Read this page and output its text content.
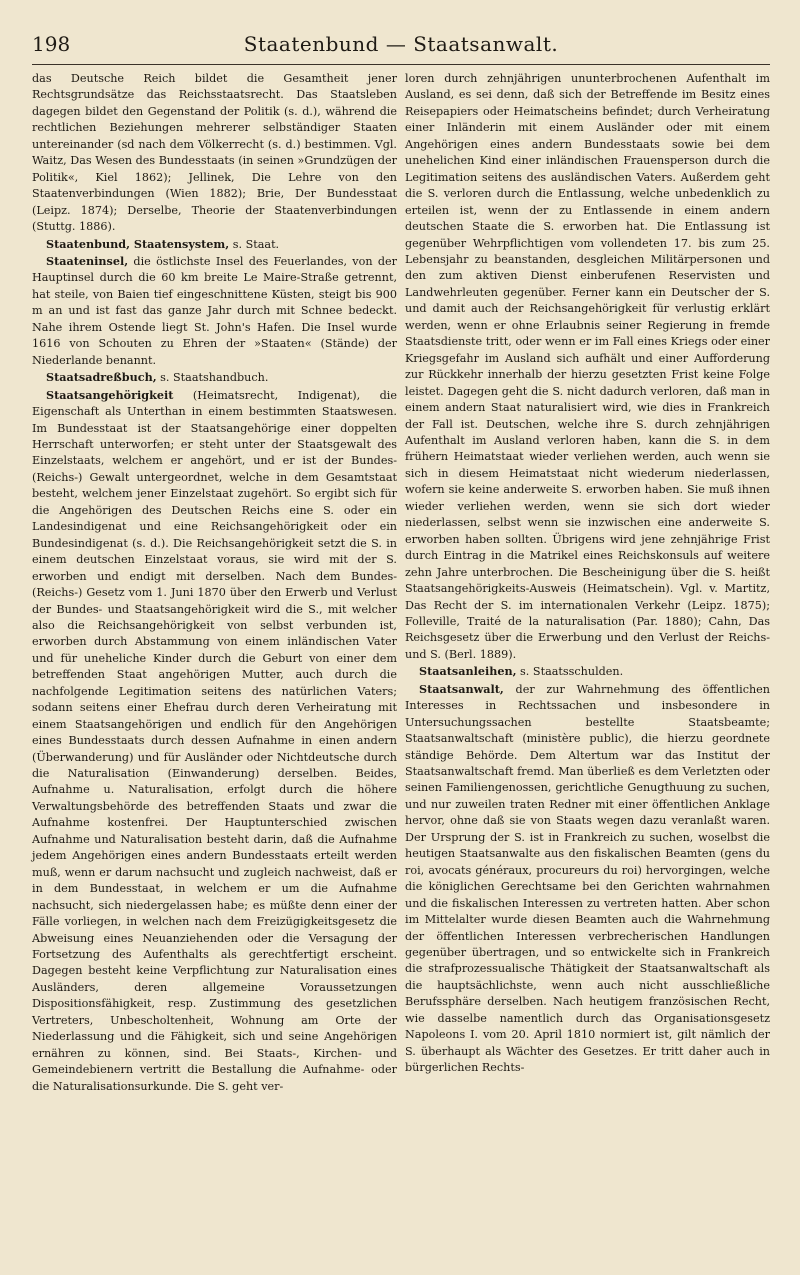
198	Staatenbund — Staatsanwalt.

das Deutsche Reich bildet die Gesamtheit jener Rechtsgrundsätze das Reichsstaatsrecht. Das Staatsleben dagegen bildet den Gegenstand der Politik (s. d.), während die rechtlichen Beziehungen mehrerer selbständiger Staaten untereinander (sd nach dem Völkerrecht (s. d.) bestimmen. Vgl. Waitz, Das Wesen des Bundesstaats (in seinen »Grundzügen der Politik«, Kiel 1862); Jellinek, Die Lehre von den Staatenverbindungen (Wien 1882); Brie, Der Bundesstaat (Leipz. 1874); Derselbe, Theorie der Staatenverbindungen (Stuttg. 1886).

Staatenbund, Staatensystem, s. Staat.

Staateninsel, die östlichste Insel des Feuerlandes, von der Hauptinsel durch die 60 km breite Le Maire-Straße getrennt, hat steile, von Baien tief eingeschnittene Küsten, steigt bis 900 m an und ist fast das ganze Jahr durch mit Schnee bedeckt. Nahe ihrem Ostende liegt St. John's Hafen. Die Insel wurde 1616 von Schouten zu Ehren der »Staaten« (Stände) der Niederlande benannt.

Staatsadreßbuch, s. Staatshandbuch.

Staatsangehörigkeit (Heimatsrecht, Indigenat), die Eigenschaft als Unterthan in einem bestimmten Staatswesen. Im Bundesstaat ist der Staatsangehörige einer doppelten Herrschaft unterworfen; er steht unter der Staatsgewalt des Einzelstaats, welchem er angehört, und er ist der Bundes- (Reichs-) Gewalt untergeordnet, welche in dem Gesamtstaat besteht, welchem jener Einzelstaat zugehört. So ergibt sich für die Angehörigen des Deutschen Reichs eine S. oder ein Landesindigenat und eine Reichsangehörigkeit oder ein Bundesindigenat (s. d.). Die Reichsangehörigkeit setzt die S. in einem deutschen Einzelstaat voraus, sie wird mit der S. erworben und endigt mit derselben. Nach dem Bundes- (Reichs-) Gesetz vom 1. Juni 1870 über den Erwerb und Verlust der Bundes- und Staatsangehörigkeit wird die S., mit welcher also die Reichsangehörigkeit von selbst verbunden ist, erworben durch Abstammung von einem inländischen Vater und für uneheliche Kinder durch die Geburt von einer dem betreffenden Staat angehörigen Mutter, auch durch die nachfolgende Legitimation seitens des natürlichen Vaters; sodann seitens einer Ehefrau durch deren Verheiratung mit einem Staatsangehörigen und endlich für den Angehörigen eines Bundesstaats durch dessen Aufnahme in einen andern (Überwanderung) und für Ausländer oder Nichtdeutsche durch die Naturalisation (Einwanderung) derselben. Beides, Aufnahme u. Naturalisation, erfolgt durch die höhere Verwaltungsbehörde des betreffenden Staats und zwar die Aufnahme kostenfrei. Der Hauptunterschied zwischen Aufnahme und Naturalisation besteht darin, daß die Aufnahme jedem Angehörigen eines andern Bundesstaats erteilt werden muß, wenn er darum nachsucht und zugleich nachweist, daß er in dem Bundesstaat, in welchem er um die Aufnahme nachsucht, sich niedergelassen habe; es müßte denn einer der Fälle vorliegen, in welchen nach dem Freizügigkeitsgesetz die Abweisung eines Neuanziehenden oder die Versagung der Fortsetzung des Aufenthalts als gerechtfertigt erscheint. Dagegen besteht keine Verpflichtung zur Naturalisation eines Ausländers, deren allgemeine Voraussetzungen Dispositionsfähigkeit, resp. Zustimmung des gesetzlichen Vertreters, Unbescholtenheit, Wohnung am Orte der Niederlassung und die Fähigkeit, sich und seine Angehörigen ernähren zu können, sind. Bei Staats-, Kirchen- und Gemeindebienern vertritt die Bestallung die Aufnahme- oder die Naturalisationsurkunde. Die S. geht ver-

loren durch zehnjährigen ununterbrochenen Aufenthalt im Ausland, es sei denn, daß sich der Betreffende im Besitz eines Reisepapiers oder Heimatscheins befindet; durch Verheiratung einer Inländerin mit einem Ausländer oder mit einem Angehörigen eines andern Bundesstaats sowie bei dem unehelichen Kind einer inländischen Frauensperson durch die Legitimation seitens des ausländischen Vaters. Außerdem geht die S. verloren durch die Entlassung, welche unbedenklich zu erteilen ist, wenn der zu Entlassende in einem andern deutschen Staate die S. erworben hat. Die Entlassung ist gegenüber Wehrpflichtigen vom vollendeten 17. bis zum 25. Lebensjahr zu beanstanden, desgleichen Militärpersonen und den zum aktiven Dienst einberufenen Reservisten und Landwehrleuten gegenüber. Ferner kann ein Deutscher der S. und damit auch der Reichsangehörigkeit für verlustig erklärt werden, wenn er ohne Erlaubnis seiner Regierung in fremde Staatsdienste tritt, oder wenn er im Fall eines Kriegs oder einer Kriegsgefahr im Ausland sich aufhält und einer Aufforderung zur Rückkehr innerhalb der hierzu gesetzten Frist keine Folge leistet. Dagegen geht die S. nicht dadurch verloren, daß man in einem andern Staat naturalisiert wird, wie dies in Frankreich der Fall ist. Deutschen, welche ihre S. durch zehnjährigen Aufenthalt im Ausland verloren haben, kann die S. in dem frühern Heimatstaat wieder verliehen werden, auch wenn sie sich in diesem Heimatstaat nicht wiederum niederlassen, wofern sie keine anderweite S. erworben haben. Sie muß ihnen wieder verliehen werden, wenn sie sich dort wieder niederlassen, selbst wenn sie inzwischen eine anderweite S. erworben haben sollten. Übrigens wird jene zehnjährige Frist durch Eintrag in die Matrikel eines Reichskonsuls auf weitere zehn Jahre unterbrochen. Die Bescheinigung über die S. heißt Staatsangehörigkeits-Ausweis (Heimatschein). Vgl. v. Martitz, Das Recht der S. im internationalen Verkehr (Leipz. 1875); Folleville, Traité de la naturalisation (Par. 1880); Cahn, Das Reichsgesetz über die Erwerbung und den Verlust der Reichs- und S. (Berl. 1889).

Staatsanleihen, s. Staatsschulden.

Staatsanwalt, der zur Wahrnehmung des öffentlichen Interesses in Rechtssachen und insbesondere in Untersuchungssachen bestellte Staatsbeamte; Staatsanwaltschaft (ministère public), die hierzu geordnete ständige Behörde. Dem Altertum war das Institut der Staatsanwaltschaft fremd. Man überließ es dem Verletzten oder seinen Familiengenossen, gerichtliche Genugthuung zu suchen, und nur zuweilen traten Redner mit einer öffentlichen Anklage hervor, ohne daß sie von Staats wegen dazu veranlaßt waren. Der Ursprung der S. ist in Frankreich zu suchen, woselbst die heutigen Staatsanwalte aus den fiskalischen Beamten (gens du roi, avocats généraux, procureurs du roi) hervorgingen, welche die königlichen Gerechtsame bei den Gerichten wahrnahmen und die fiskalischen Interessen zu vertreten hatten. Aber schon im Mittelalter wurde diesen Beamten auch die Wahrnehmung der öffentlichen Interessen verbrecherischen Handlungen gegenüber übertragen, und so entwickelte sich in Frankreich die strafprozessualische Thätigkeit der Staatsanwaltschaft als die hauptsächlichste, wenn auch nicht ausschließliche Berufssphäre derselben. Nach heutigem französischen Recht, wie dasselbe namentlich durch das Organisationsgesetz Napoleons I. vom 20. April 1810 normiert ist, gilt nämlich der S. überhaupt als Wächter des Gesetzes. Er tritt daher auch in bürgerlichen Rechts-
